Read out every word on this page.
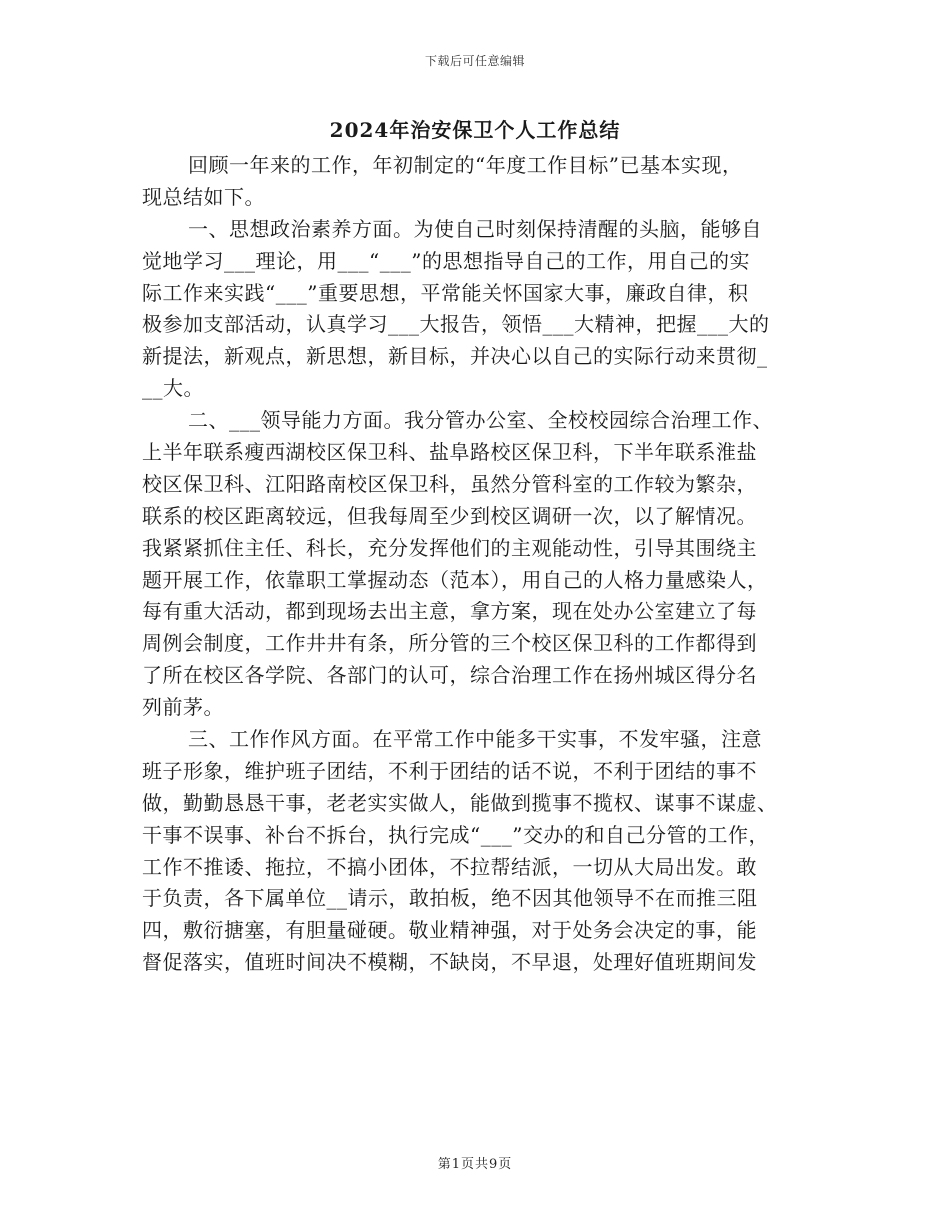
下载后可任意编辑
2024年治安保卫个人工作总结
回顾一年来的工作，年初制定的“年度工作目标”已基本实现，
现总结如下。
一、思想政治素养方面。为使自己时刻保持清醒的头脑，能够自
觉地学习___理论，用___“___”的思想指导自己的工作，用自己的实
际工作来实践“___”重要思想，平常能关怀国家大事，廉政自律，积
极参加支部活动，认真学习___大报告，领悟___大精神，把握___大的
新提法，新观点，新思想，新目标，并决心以自己的实际行动来贯彻_
__大。
二、___领导能力方面。我分管办公室、全校校园综合治理工作、
上半年联系瘦西湖校区保卫科、盐阜路校区保卫科，下半年联系淮盐
校区保卫科、江阳路南校区保卫科，虽然分管科室的工作较为繁杂，
联系的校区距离较远，但我每周至少到校区调研一次，以了解情况。
我紧紧抓住主任、科长，充分发挥他们的主观能动性，引导其围绕主
题开展工作，依靠职工掌握动态（范本），用自己的人格力量感染人，
每有重大活动，都到现场去出主意，拿方案，现在处办公室建立了每
周例会制度，工作井井有条，所分管的三个校区保卫科的工作都得到
了所在校区各学院、各部门的认可，综合治理工作在扬州城区得分名
列前茅。
三、工作作风方面。在平常工作中能多干实事，不发牢骚，注意
班子形象，维护班子团结，不利于团结的话不说，不利于团结的事不
做，勤勤恳恳干事，老老实实做人，能做到揽事不揽权、谋事不谋虚、
干事不误事、补台不拆台，执行完成“___”交办的和自己分管的工作，
工作不推诿、拖拉，不搞小团体，不拉帮结派，一切从大局出发。敢
于负责，各下属单位__请示，敢拍板，绝不因其他领导不在而推三阻
四，敷衍搪塞，有胆量碰硬。敬业精神强，对于处务会决定的事，能
督促落实，值班时间决不模糊，不缺岗，不早退，处理好值班期间发
第1页共9页
